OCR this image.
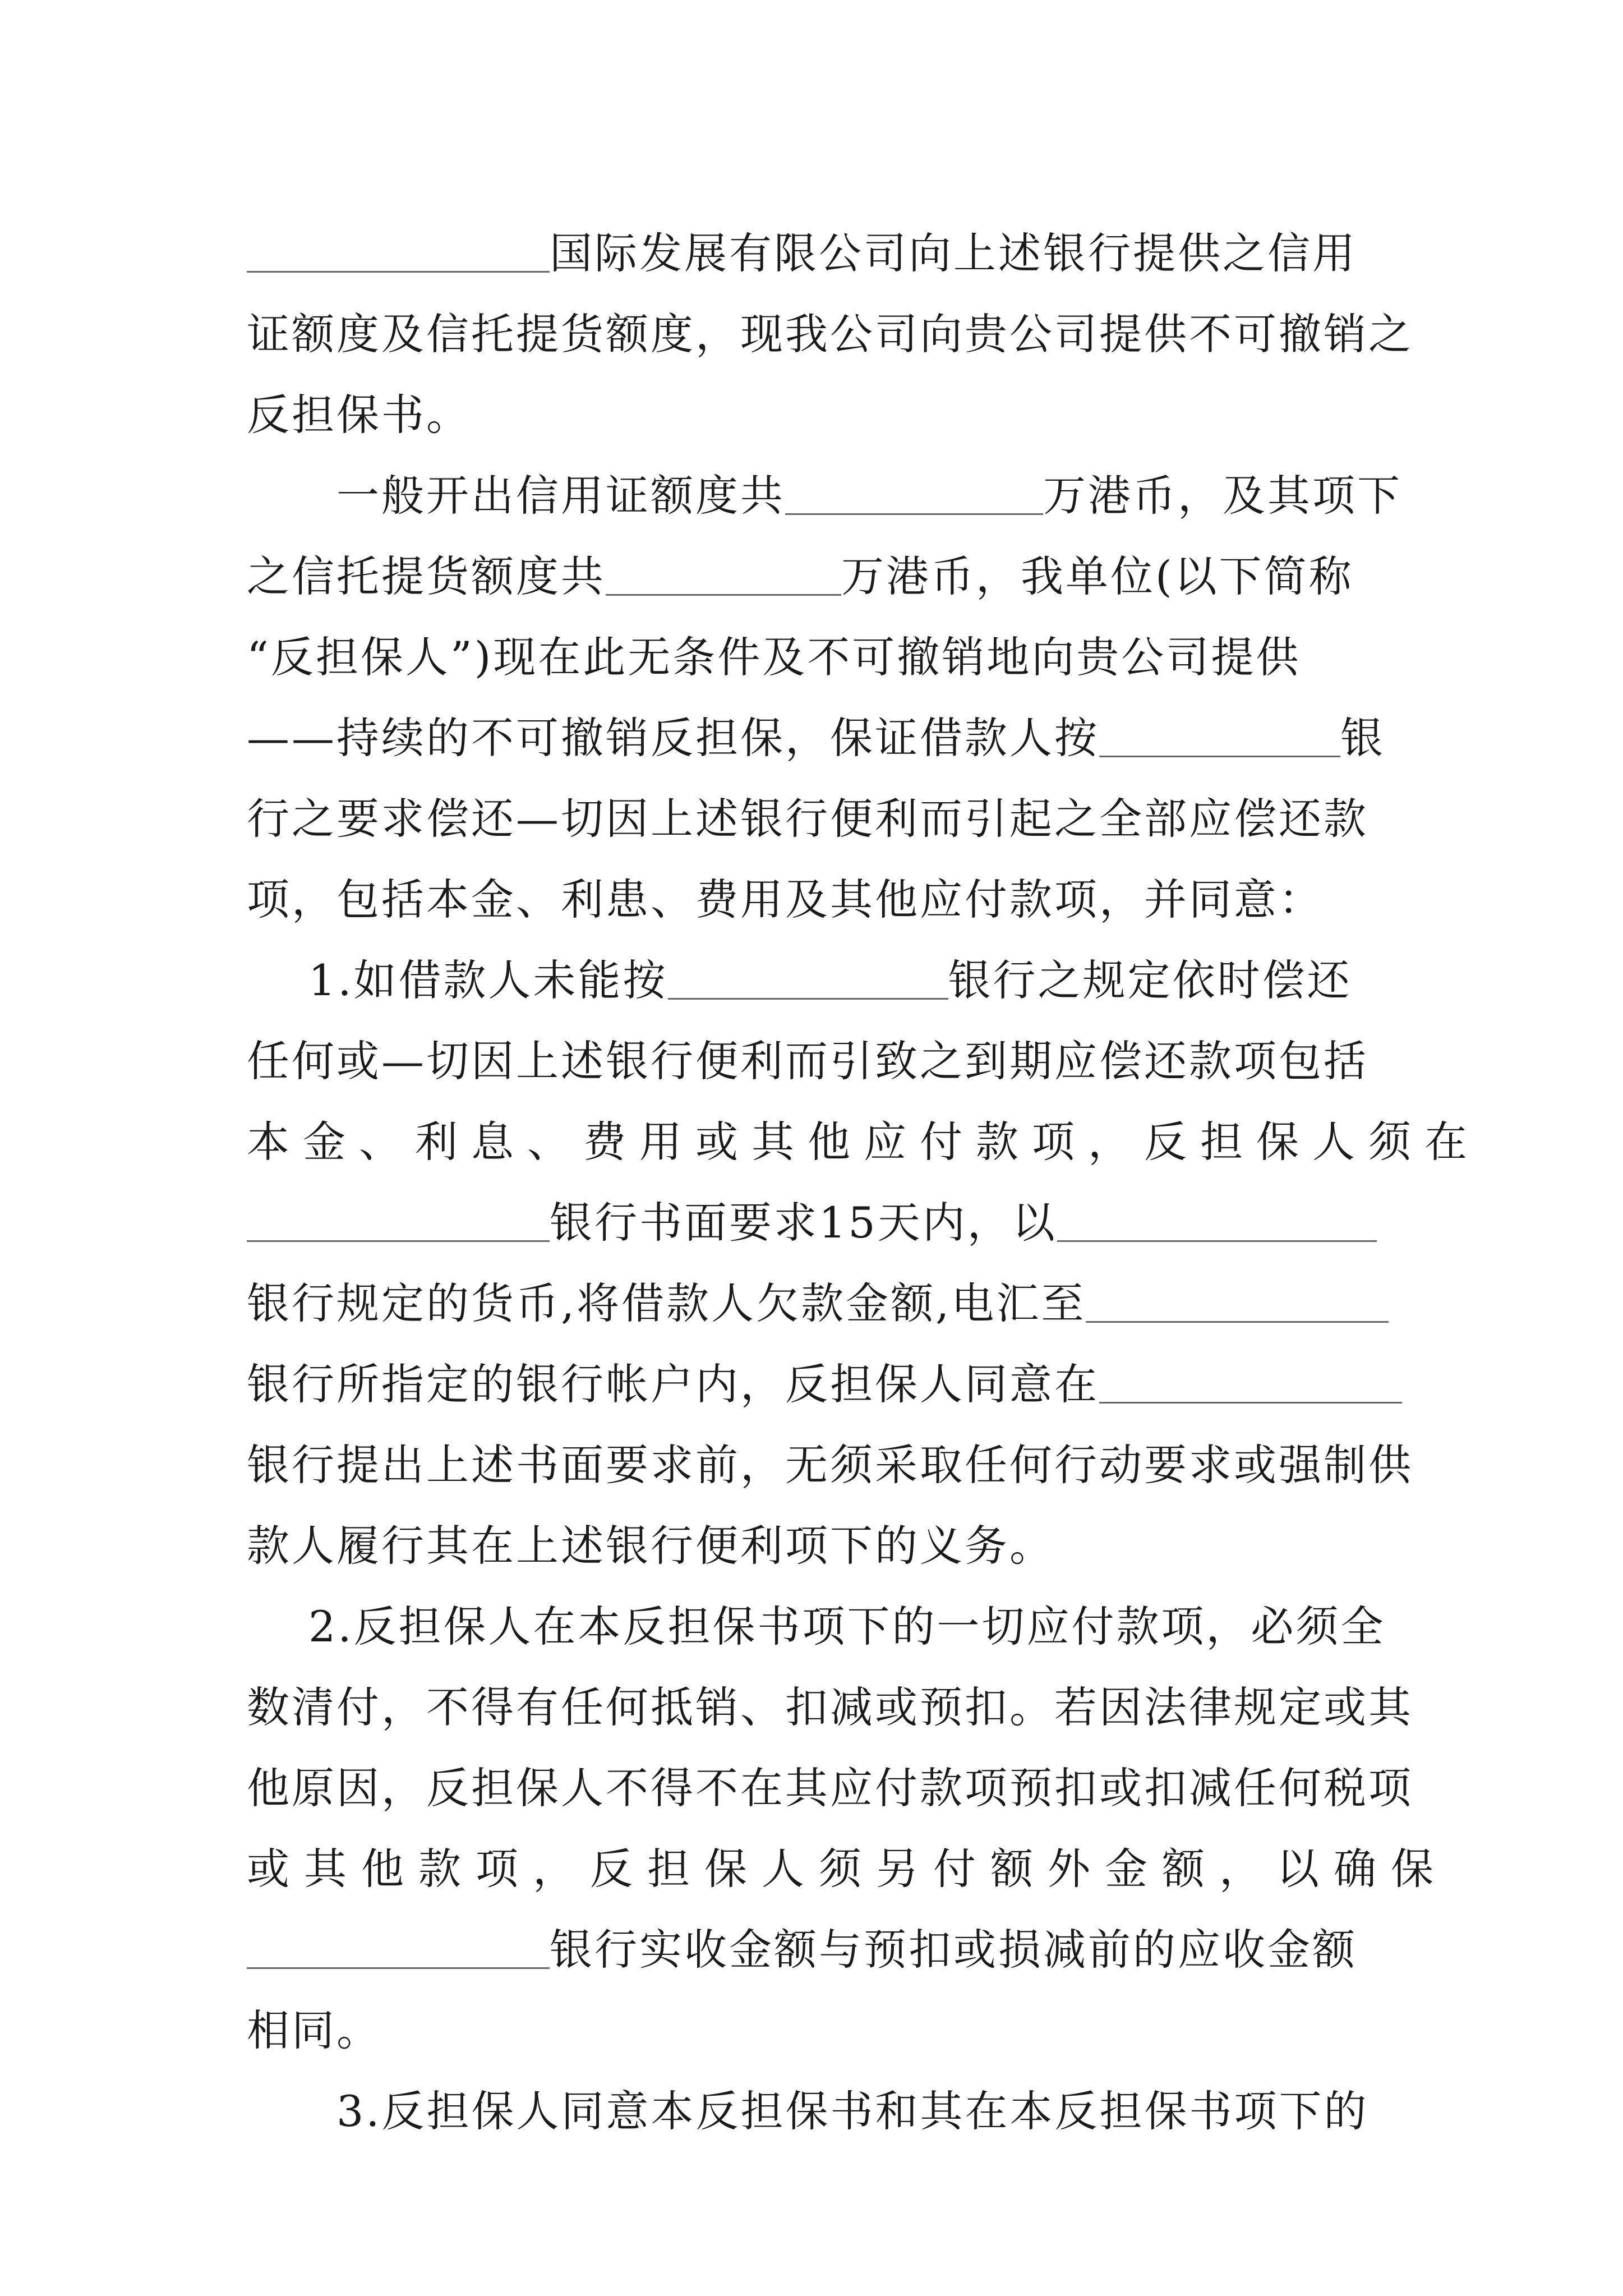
国际发展有限公司向上述银行提供之信用
证额度及信托提货额度，现我公司向贵公司提供不可撤销之
反担保书。

一般开出信用证额度共	万港币，及其项下
之信托提货额度共	万港币，我单位(以下简称
“反担保人”)现在此无条件及不可撤销地向贵公司提供
——持续的不可撤销反担保，保证借款人按	银
行之要求偿还—切因上述银行便利而引起之全部应偿还款
项，包括本金、利患、费用及其他应付款项，并同意：

1.如借款人未能按	银行之规定依时偿还
任何或—切因上述银行便利而引致之到期应偿还款项包括
本金、利息、费用或其他应付款项，反担保人须在
银行书面要求15天内，以
银行规定的货币,将借款人欠款金额,电汇至
银行所指定的银行帐户内，反担保人同意在
银行提出上述书面要求前，无须采取任何行动要求或强制供
款人履行其在上述银行便利项下的义务。

2.反担保人在本反担保书项下的一切应付款项，必须全
数清付，不得有任何抵销、扣减或预扣。若因法律规定或其
他原因，反担保人不得不在其应付款项预扣或扣减任何税项
或其他款项，反担保人须另付额外金额，以确保
银行实收金额与预扣或损减前的应收金额
相同。

3.反担保人同意本反担保书和其在本反担保书项下的
